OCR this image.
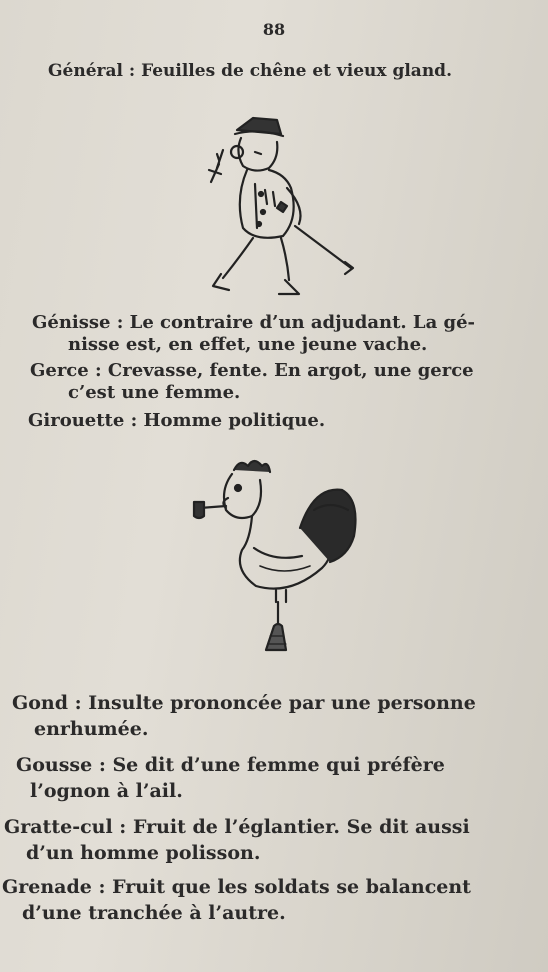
88
Général : Feuilles de chêne et vieux gland.
Génisse : Le contraire d’un adjudant. La gé-
nisse est, en effet, une jeune vache.
Gerce : Crevasse, fente. En argot, une gerce
c’est une femme.
Girouette : Homme politique.
Gond : Insulte prononcée par une personne
enrhumée.
Gousse : Se dit d’une femme qui préfère
l’ognon à l’ail.
Gratte-cul : Fruit de l’églantier. Se dit aussi
d’un homme polisson.
Grenade : Fruit que les soldats se balancent
d’une tranchée à l’autre.
